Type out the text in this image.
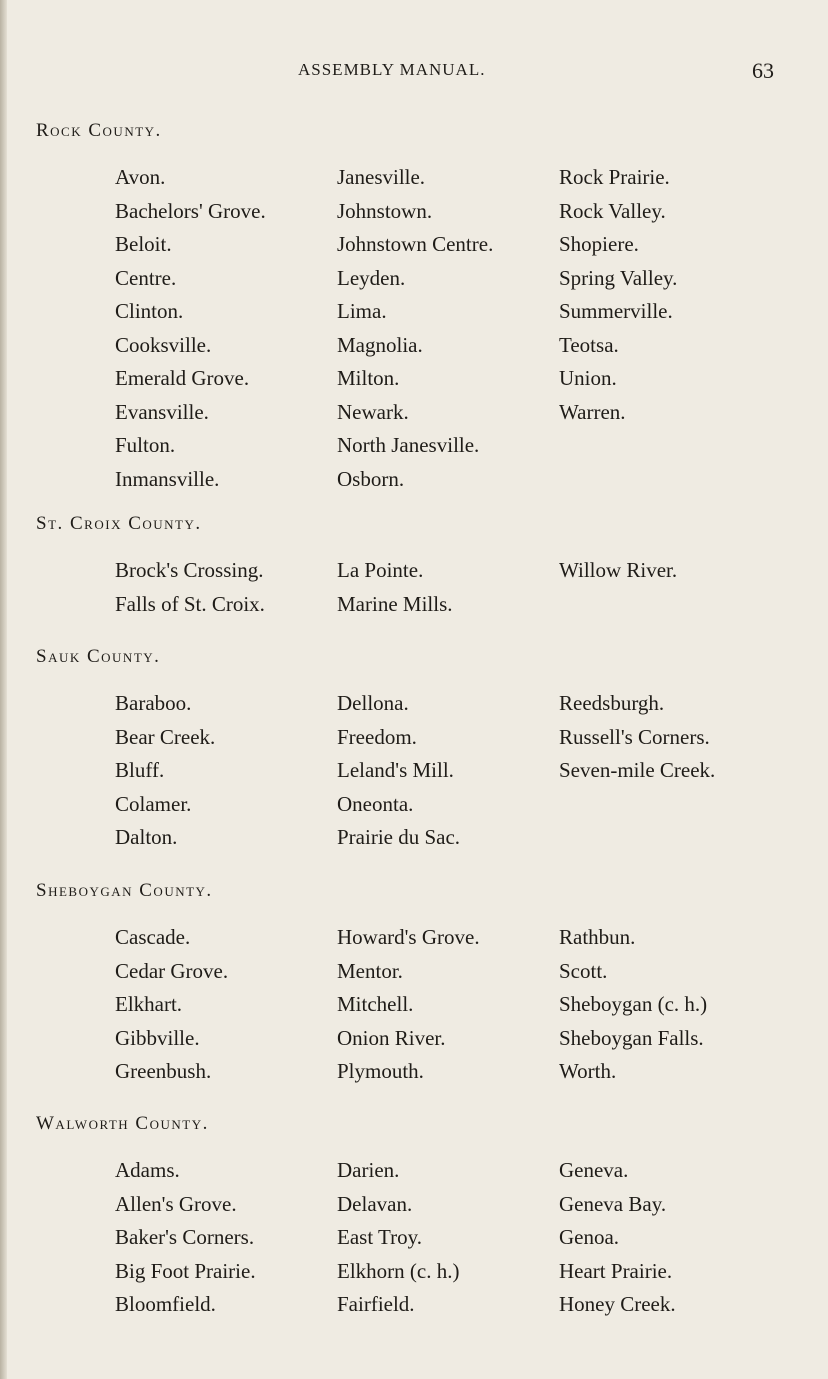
ASSEMBLY MANUAL.	63
Rock County.
Avon.	Janesville.	Rock Prairie.
Bachelors' Grove.	Johnstown.	Rock Valley.
Beloit.	Johnstown Centre.	Shopiere.
Centre.	Leyden.	Spring Valley.
Clinton.	Lima.	Summerville.
Cooksville.	Magnolia.	Teotsa.
Emerald Grove.	Milton.	Union.
Evansville.	Newark.	Warren.
Fulton.	North Janesville.
Inmansville.	Osborn.
St. Croix County.
Brock's Crossing.	La Pointe.	Willow River.
Falls of St. Croix.	Marine Mills.
Sauk County.
Baraboo.	Dellona.	Reedsburgh.
Bear Creek.	Freedom.	Russell's Corners.
Bluff.	Leland's Mill.	Seven-mile Creek.
Colamer.	Oneonta.
Dalton.	Prairie du Sac.
Sheboygan County.
Cascade.	Howard's Grove.	Rathbun.
Cedar Grove.	Mentor.	Scott.
Elkhart.	Mitchell.	Sheboygan (c. h.)
Gibbville.	Onion River.	Sheboygan Falls.
Greenbush.	Plymouth.	Worth.
Walworth County.
Adams.	Darien.	Geneva.
Allen's Grove.	Delavan.	Geneva Bay.
Baker's Corners.	East Troy.	Genoa.
Big Foot Prairie.	Elkhorn (c. h.)	Heart Prairie.
Bloomfield.	Fairfield.	Honey Creek.
